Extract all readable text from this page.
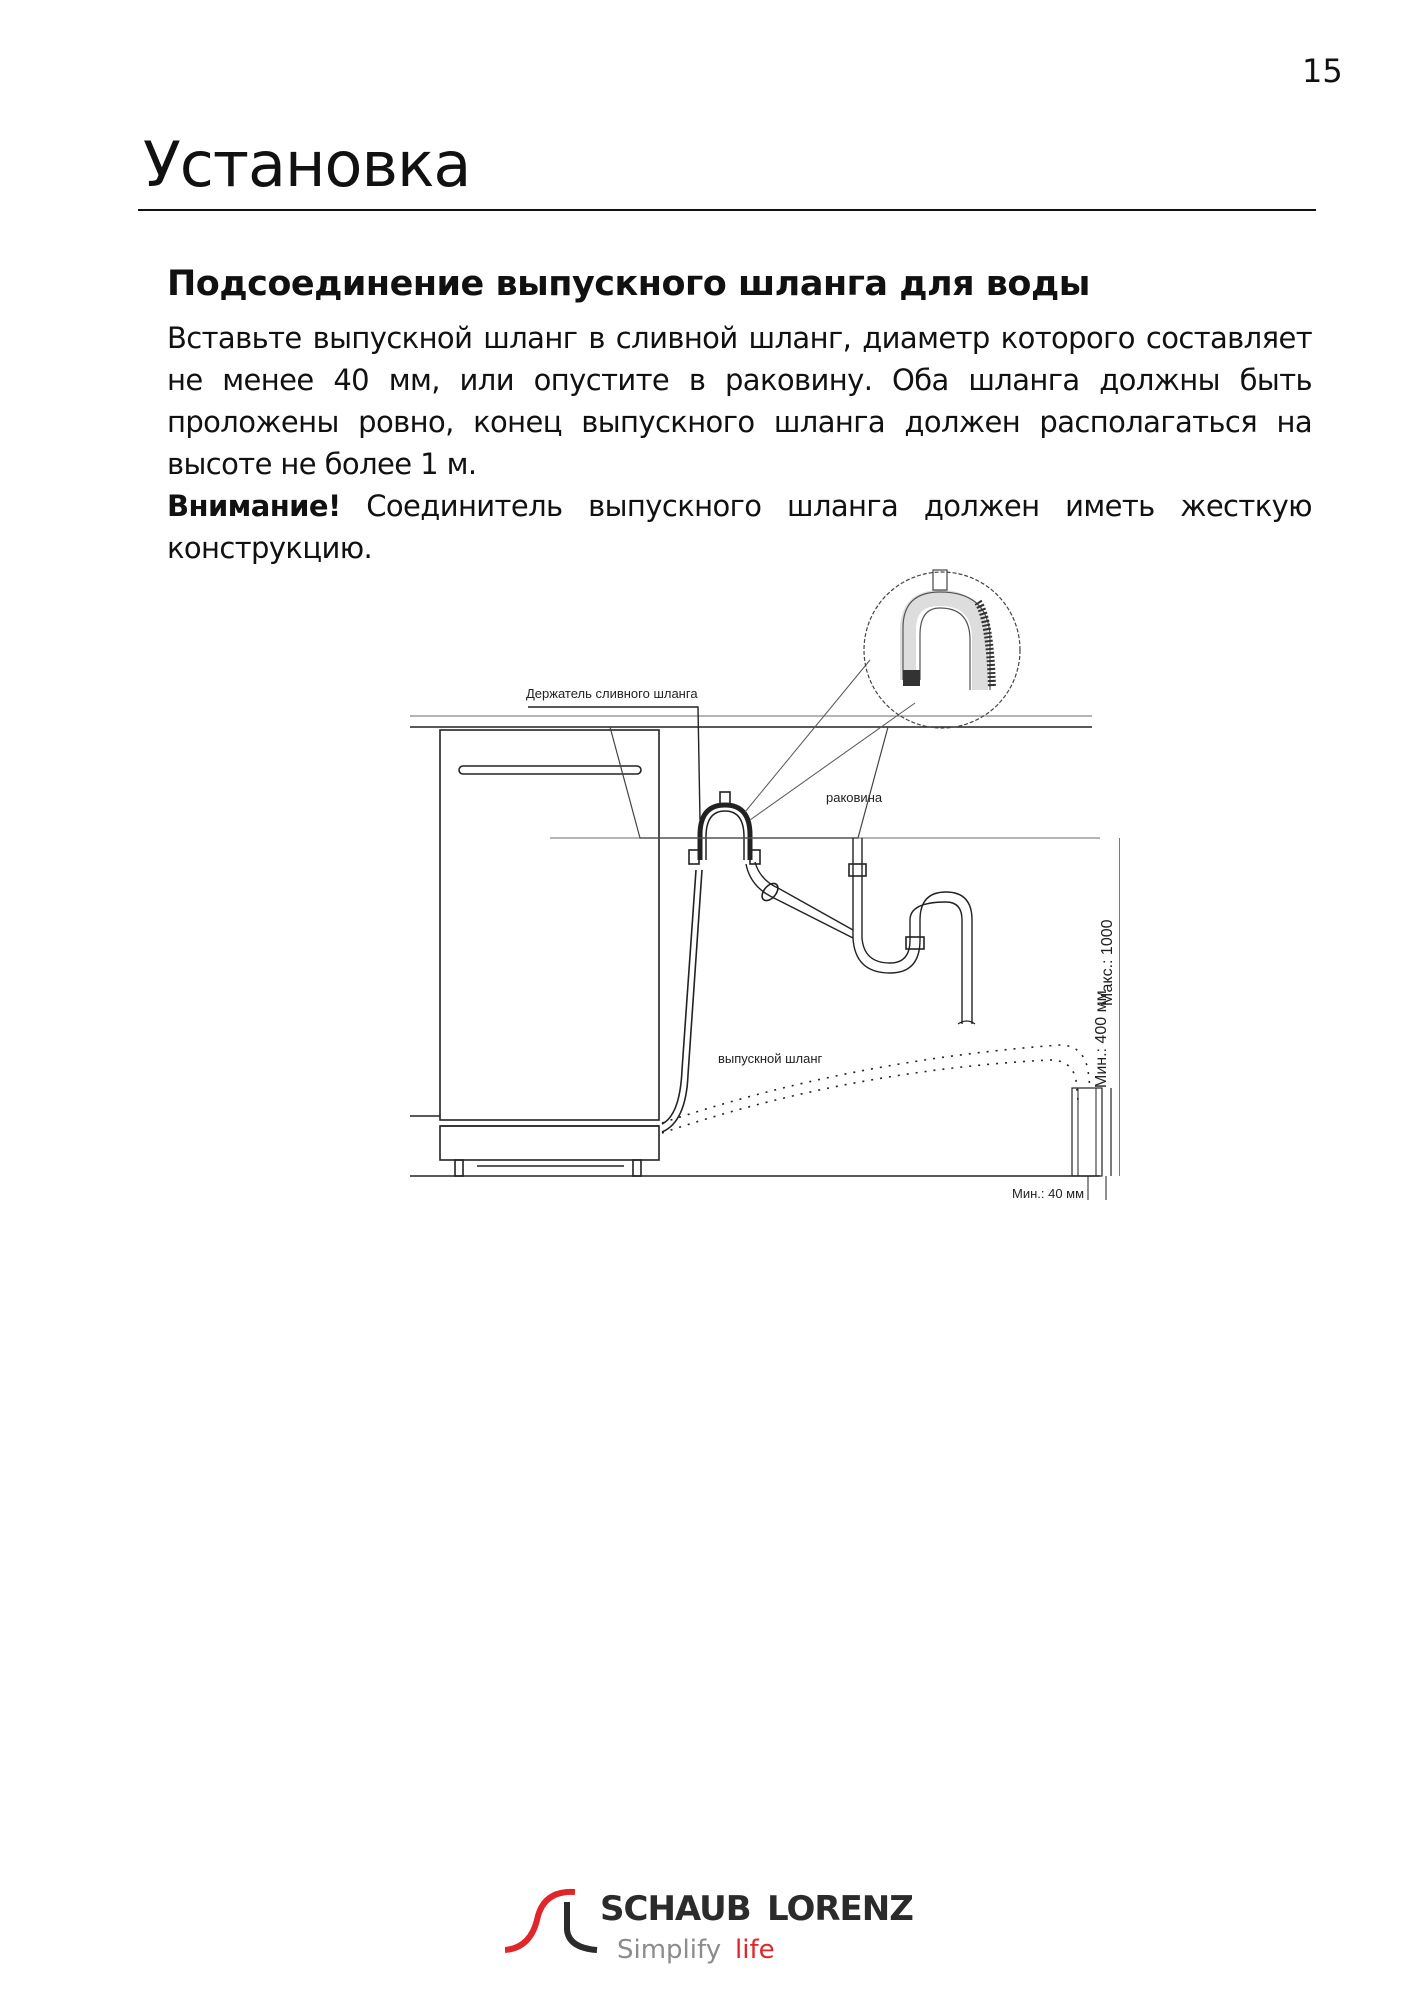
15
Установка
Подсоединение выпускного шланга для воды

Вставьте выпускной шланг в сливной шланг, диаметр которого составляет не менее 40 мм, или опустите в раковину. Оба шланга должны быть проложены ровно, конец выпускного шланга должен располагаться на высоте не более 1 м.

Внимание! Соединитель выпускного шланга должен иметь жесткую конструкцию.

Держатель сливного шланга
раковина
выпускной шланг	Мин.: 400 мм
Макс.: 1000
Мин.: 40 мм
SCHAUB LORENZ
Simplify life
